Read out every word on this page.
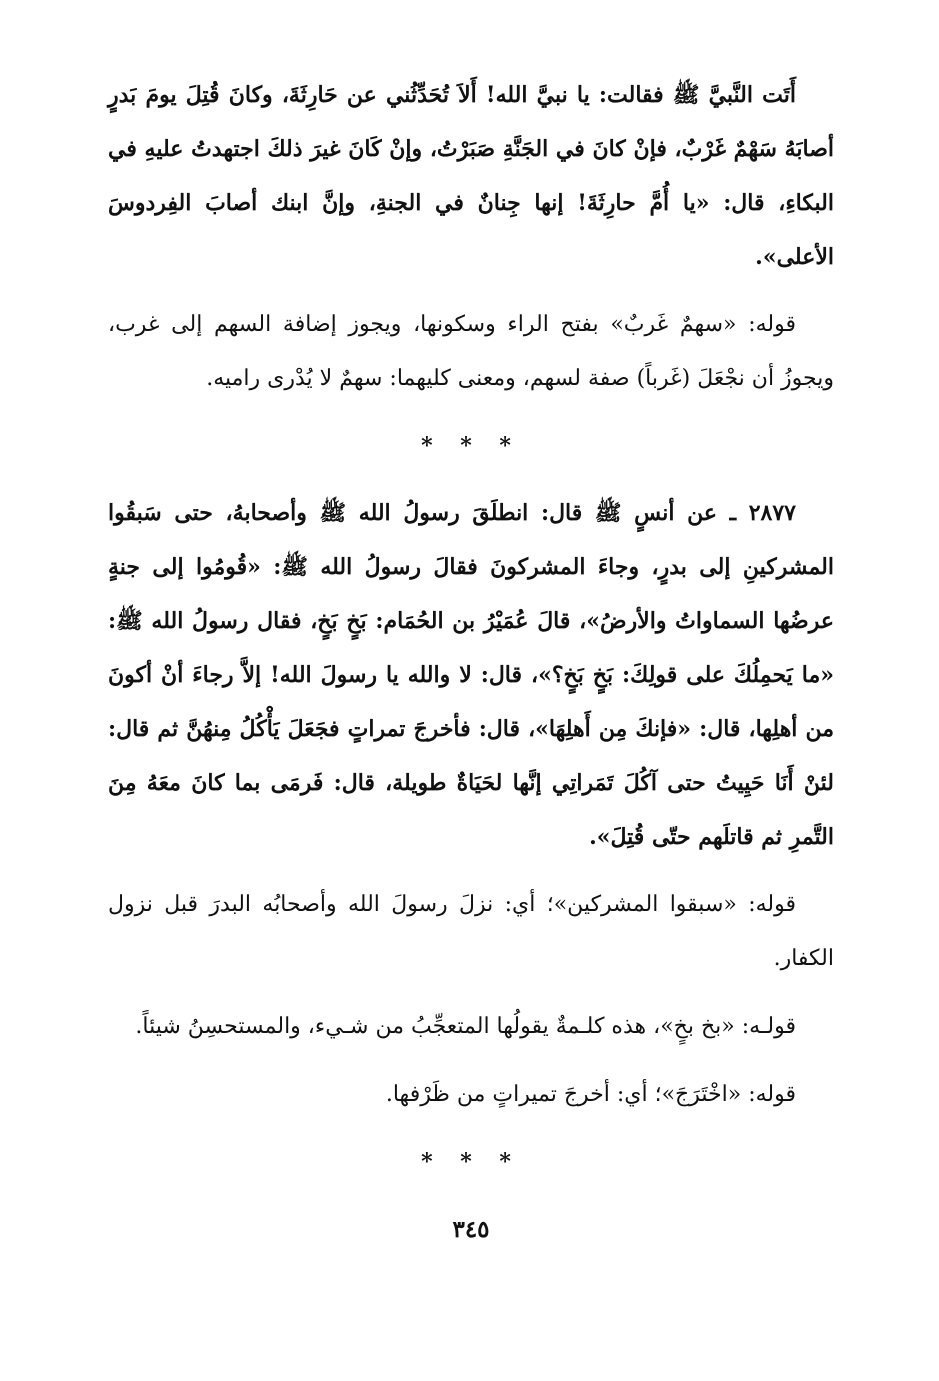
أَتَت النَّبيَّ ﷺ فقالت: يا نبيَّ الله! أَلاَ تُحَدِّثُني عن حَارِثَةَ، وكانَ قُتِلَ يومَ بَدرٍ أصابَهُ سَهْمٌ غَرْبٌ، فإنْ كانَ في الجَنَّةِ صَبَرْتُ، وإنْ كَانَ غيرَ ذلكَ اجتهدتُ عليهِ في البكاءِ، قال: «يا أُمَّ حارِثَةَ! إنها جِنانٌ في الجنةِ، وإنَّ ابنك أصابَ الفِردوسَ الأعلى».

قوله: «سهمٌ غَربٌ» بفتح الراء وسكونها، ويجوز إضافة السهم إلى غرب، ويجوزُ أن نجْعَلَ (غَرباً) صفة لسهم، ومعنى كليهما: سهمٌ لا يُدْرى راميه.

* * *

٢٨٧٧ ـ عن أنسٍ ﷺ قال: انطلَقَ رسولُ الله ﷺ وأصحابهُ، حتى سَبقُوا المشركينِ إلى بدرٍ، وجاءَ المشركونَ فقالَ رسولُ الله ﷺ: «قُومُوا إلى جنةٍ عرضُها السماواتُ والأرضُ»، قالَ عُمَيْرُ بن الحُمَام: بَخٍ بَخٍ، فقال رسولُ الله ﷺ: «ما يَحمِلُكَ على قولِكَ: بَخٍ بَخٍ؟»، قال: لا والله يا رسولَ الله! إلاَّ رجاءَ أنْ أكونَ من أهلِها، قال: «فإنكَ مِن أَهلِهَا»، قال: فأخرجَ تمراتٍ فجَعَلَ يَأْكُلُ مِنهُنَّ ثم قال: لئنْ أَنَا حَيِيتُ حتى آكُلَ تَمَراتِي إنَّها لحَيَاةٌ طويلة، قال: فَرمَى بما كانَ معَهُ مِنَ التَّمرِ ثم قاتلَهم حتّى قُتِلَ».

قوله: «سبقوا المشركين»؛ أي: نزلَ رسولَ الله وأصحابُه البدرَ قبل نزول الكفار.

قولـه: «بخ بخٍ»، هذه كلـمةٌ يقولُها المتعجِّبُ من شـيء، والمستحسِنُ شيئاً.

قوله: «اخْتَرَجَ»؛ أي: أخرجَ تميراتٍ من ظَرْفها.

* * *
٣٤٥
